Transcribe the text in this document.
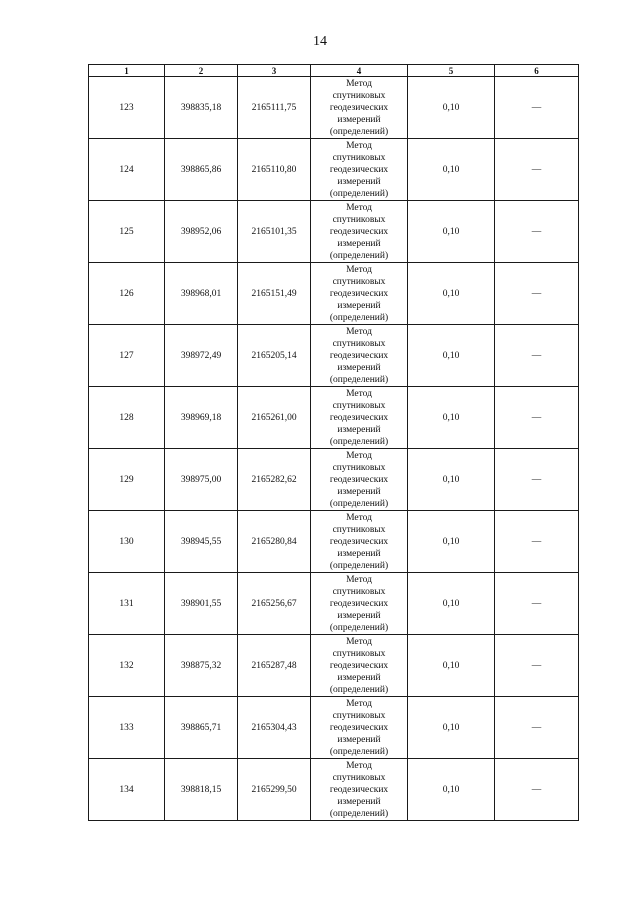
14
1	2	3	4	5	6
123	398835,18	2165111,75	Метод
спутниковых
геодезических
измерений
(определений)	0,10	—
124	398865,86	2165110,80	Метод
спутниковых
геодезических
измерений
(определений)	0,10	—
125	398952,06	2165101,35	Метод
спутниковых
геодезических
измерений
(определений)	0,10	—
126	398968,01	2165151,49	Метод
спутниковых
геодезических
измерений
(определений)	0,10	—
127	398972,49	2165205,14	Метод
спутниковых
геодезических
измерений
(определений)	0,10	—
128	398969,18	2165261,00	Метод
спутниковых
геодезических
измерений
(определений)	0,10	—
129	398975,00	2165282,62	Метод
спутниковых
геодезических
измерений
(определений)	0,10	—
130	398945,55	2165280,84	Метод
спутниковых
геодезических
измерений
(определений)	0,10	—
131	398901,55	2165256,67	Метод
спутниковых
геодезических
измерений
(определений)	0,10	—
132	398875,32	2165287,48	Метод
спутниковых
геодезических
измерений
(определений)	0,10	—
133	398865,71	2165304,43	Метод
спутниковых
геодезических
измерений
(определений)	0,10	—
134	398818,15	2165299,50	Метод
спутниковых
геодезических
измерений
(определений)	0,10	—
